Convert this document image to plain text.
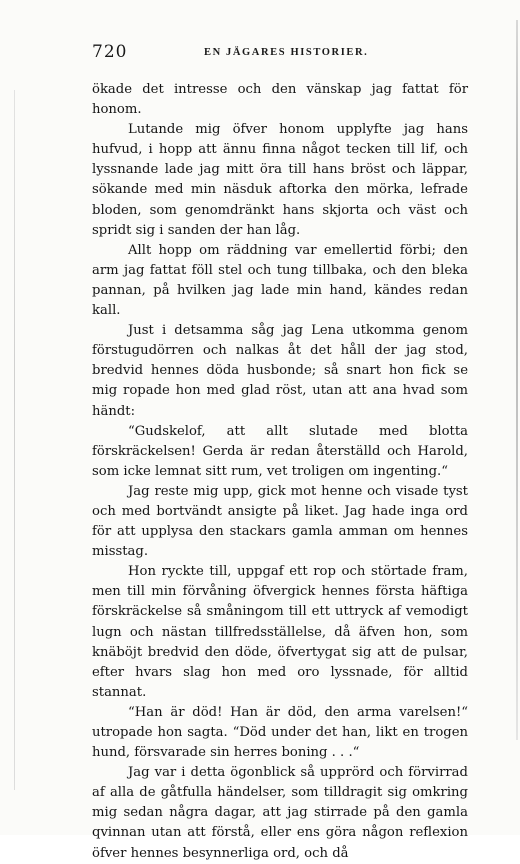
720	EN JÄGARES HISTORIER.

ökade det intresse och den vänskap jag fattat för honom.

Lutande mig öfver honom upplyfte jag hans hufvud, i hopp att ännu finna något tecken till lif, och lyssnande lade jag mitt öra till hans bröst och läppar, sökande med min näsduk aftorka den mörka, lefrade bloden, som genomdränkt hans skjorta och väst och spridt sig i sanden der han låg.

Allt hopp om räddning var emellertid förbi; den arm jag fattat föll stel och tung tillbaka, och den bleka pannan, på hvilken jag lade min hand, kändes redan kall.

Just i detsamma såg jag Lena utkomma genom förstugudörren och nalkas åt det håll der jag stod, bredvid hennes döda husbonde; så snart hon fick se mig ropade hon med glad röst, utan att ana hvad som händt:

“Gudskelof, att allt slutade med blotta förskräckelsen! Gerda är redan återställd och Harold, som icke lemnat sitt rum, vet troligen om ingenting.“

Jag reste mig upp, gick mot henne och visade tyst och med bortvändt ansigte på liket. Jag hade inga ord för att upplysa den stackars gamla amman om hennes misstag.

Hon ryckte till, uppgaf ett rop och störtade fram, men till min förvåning öfvergick hennes första häftiga förskräckelse så småningom till ett uttryck af vemodigt lugn och nästan tillfredsställelse, då äfven hon, som knäböjt bredvid den döde, öfvertygat sig att de pulsar, efter hvars slag hon med oro lyssnade, för alltid stannat.

“Han är död! Han är död, den arma varelsen!“ utropade hon sagta. “Död under det han, likt en trogen hund, försvarade sin herres boning . . .“

Jag var i detta ögonblick så upprörd och förvirrad af alla de gåtfulla händelser, som tilldragit sig omkring mig sedan några dagar, att jag stirrade på den gamla qvinnan utan att förstå, eller ens göra någon reflexion öfver hennes besynnerliga ord, och då
